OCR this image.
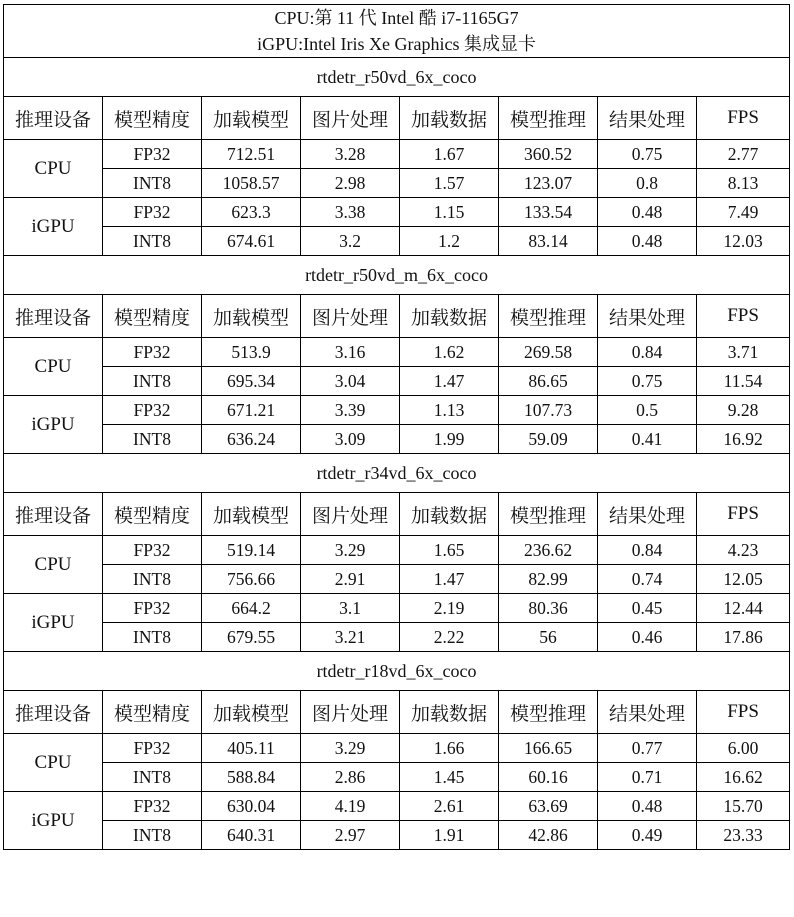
CPU:第 11 代 Intel 酷 i7-1165G7
iGPU:Intel Iris Xe Graphics 集成显卡							

rtdetr_r50vd_6x_coco							
推理设备	模型精度	加载模型	图片处理	加载数据	模型推理	结果处理	FPS
CPU	FP32	712.51	3.28	1.67	360.52	0.75	2.77
	INT8	1058.57	2.98	1.57	123.07	0.8	8.13
iGPU	FP32	623.3	3.38	1.15	133.54	0.48	7.49
	INT8	674.61	3.2	1.2	83.14	0.48	12.03
rtdetr_r50vd_m_6x_coco							
推理设备	模型精度	加载模型	图片处理	加载数据	模型推理	结果处理	FPS
CPU	FP32	513.9	3.16	1.62	269.58	0.84	3.71
	INT8	695.34	3.04	1.47	86.65	0.75	11.54
iGPU	FP32	671.21	3.39	1.13	107.73	0.5	9.28
	INT8	636.24	3.09	1.99	59.09	0.41	16.92
rtdetr_r34vd_6x_coco							
推理设备	模型精度	加载模型	图片处理	加载数据	模型推理	结果处理	FPS
CPU	FP32	519.14	3.29	1.65	236.62	0.84	4.23
	INT8	756.66	2.91	1.47	82.99	0.74	12.05
iGPU	FP32	664.2	3.1	2.19	80.36	0.45	12.44
	INT8	679.55	3.21	2.22	56	0.46	17.86
rtdetr_r18vd_6x_coco							
推理设备	模型精度	加载模型	图片处理	加载数据	模型推理	结果处理	FPS
CPU	FP32	405.11	3.29	1.66	166.65	0.77	6.00
	INT8	588.84	2.86	1.45	60.16	0.71	16.62
iGPU	FP32	630.04	4.19	2.61	63.69	0.48	15.70
	INT8	640.31	2.97	1.91	42.86	0.49	23.33
